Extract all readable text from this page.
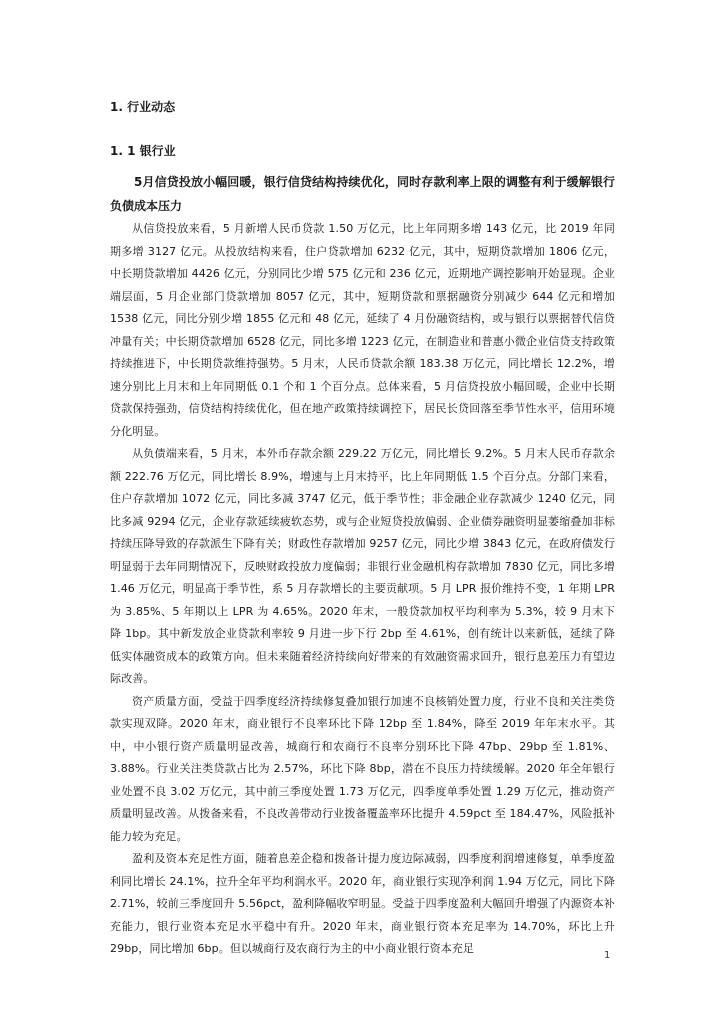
1. 行业动态
1. 1 银行业

5月信贷投放小幅回暖，银行信贷结构持续优化，同时存款利率上限的调整有利于缓解银行负债成本压力

从信贷投放来看，5 月新增人民币贷款 1.50 万亿元，比上年同期多增 143 亿元，比 2019 年同期多增 3127 亿元。从投放结构来看，住户贷款增加 6232 亿元，其中，短期贷款增加 1806 亿元，中长期贷款增加 4426 亿元，分别同比少增 575 亿元和 236 亿元，近期地产调控影响开始显现。企业端层面，5 月企业部门贷款增加 8057 亿元，其中，短期贷款和票据融资分别减少 644 亿元和增加 1538 亿元，同比分别少增 1855 亿元和 48 亿元，延续了 4 月份融资结构，或与银行以票据替代信贷冲量有关；中长期贷款增加 6528 亿元，同比多增 1223 亿元，在制造业和普惠小微企业信贷支持政策持续推进下，中长期贷款维持强势。5 月末，人民币贷款余额 183.38 万亿元，同比增长 12.2%，增速分别比上月末和上年同期低 0.1 个和 1 个百分点。总体来看，5 月信贷投放小幅回暖，企业中长期贷款保持强劲，信贷结构持续优化，但在地产政策持续调控下，居民长贷回落至季节性水平，信用环境分化明显。

从负债端来看，5 月末，本外币存款余额 229.22 万亿元，同比增长 9.2%。5 月末人民币存款余额 222.76 万亿元，同比增长 8.9%，增速与上月末持平，比上年同期低 1.5 个百分点。分部门来看，住户存款增加 1072 亿元，同比多减 3747 亿元，低于季节性；非金融企业存款减少 1240 亿元，同比多减 9294 亿元，企业存款延续疲软态势，或与企业短贷投放偏弱、企业债券融资明显萎缩叠加非标持续压降导致的存款派生下降有关；财政性存款增加 9257 亿元，同比少增 3843 亿元，在政府债发行明显弱于去年同期情况下，反映财政投放力度偏弱；非银行业金融机构存款增加 7830 亿元，同比多增 1.46 万亿元，明显高于季节性，系 5 月存款增长的主要贡献项。5 月 LPR 报价维持不变，1 年期 LPR 为 3.85%、5 年期以上 LPR 为 4.65%。2020 年末，一般贷款加权平均利率为 5.3%，较 9 月末下降 1bp。其中新发放企业贷款利率较 9 月进一步下行 2bp 至 4.61%，创有统计以来新低，延续了降低实体融资成本的政策方向。但未来随着经济持续向好带来的有效融资需求回升，银行息差压力有望边际改善。

资产质量方面，受益于四季度经济持续修复叠加银行加速不良核销处置力度，行业不良和关注类贷款实现双降。2020 年末，商业银行不良率环比下降 12bp 至 1.84%，降至 2019 年年末水平。其中，中小银行资产质量明显改善，城商行和农商行不良率分别环比下降 47bp、29bp 至 1.81%、3.88%。行业关注类贷款占比为 2.57%，环比下降 8bp，潜在不良压力持续缓解。2020 年全年银行业处置不良 3.02 万亿元，其中前三季度处置 1.73 万亿元，四季度单季处置 1.29 万亿元，推动资产质量明显改善。从拨备来看，不良改善带动行业拨备覆盖率环比提升 4.59pct 至 184.47%，风险抵补能力较为充足。

盈利及资本充足性方面，随着息差企稳和拨备计提力度边际减弱，四季度利润增速修复，单季度盈利同比增长 24.1%，拉升全年平均利润水平。2020 年，商业银行实现净利润 1.94 万亿元，同比下降 2.71%，较前三季度回升 5.56pct，盈利降幅收窄明显。受益于四季度盈利大幅回升增强了内源资本补充能力，银行业资本充足水平稳中有升。2020 年末，商业银行资本充足率为 14.70%，环比上升 29bp，同比增加 6bp。但以城商行及农商行为主的中小商业银行资本充足

1
